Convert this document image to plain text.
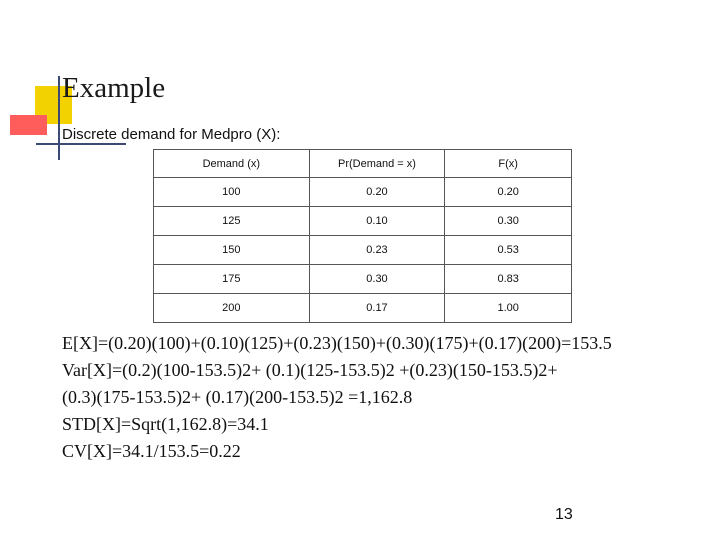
Example
Discrete demand for Medpro (X):
Demand (x)	Pr(Demand = x)	F(x)
100	0.20	0.20
125	0.10	0.30
150	0.23	0.53
175	0.30	0.83
200	0.17	1.00
E[X]=(0.20)(100)+(0.10)(125)+(0.23)(150)+(0.30)(175)+(0.17)(200)=153.5
Var[X]=(0.2)(100-153.5)2+ (0.1)(125-153.5)2 +(0.23)(150-153.5)2+
(0.3)(175-153.5)2+ (0.17)(200-153.5)2 =1,162.8
STD[X]=Sqrt(1,162.8)=34.1
CV[X]=34.1/153.5=0.22
13
